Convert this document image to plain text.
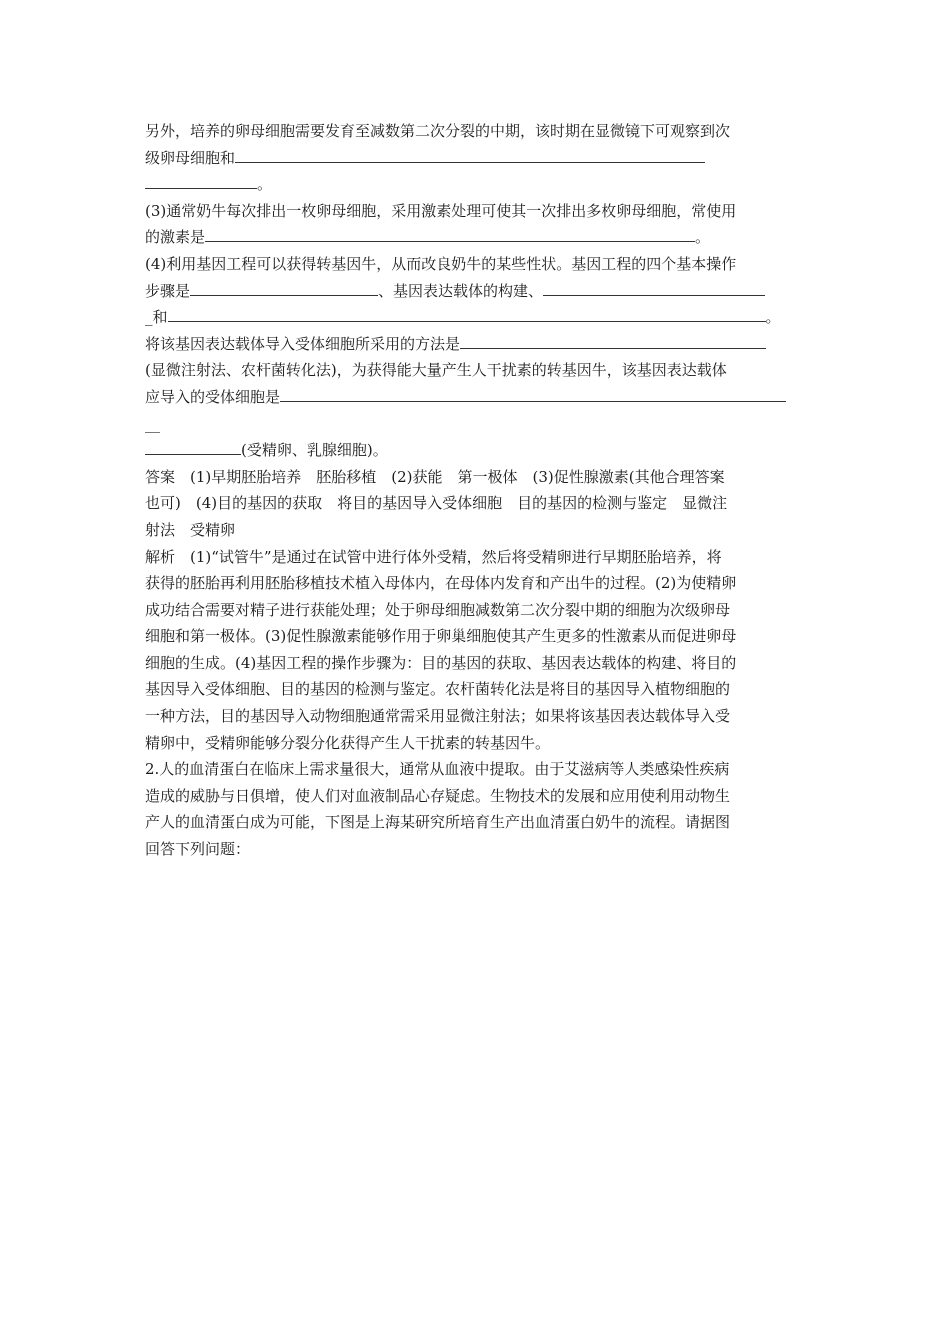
另外，培养的卵母细胞需要发育至减数第二次分裂的中期，该时期在显微镜下可观察到次
级卵母细胞和
。
(3)通常奶牛每次排出一枚卵母细胞，采用激素处理可使其一次排出多枚卵母细胞，常使用
的激素是	。
(4)利用基因工程可以获得转基因牛，从而改良奶牛的某些性状。基因工程的四个基本操作
步骤是	、基因表达载体的构建、
_和	。
将该基因表达载体导入受体细胞所采用的方法是
(显微注射法、农杆菌转化法)，为获得能大量产生人干扰素的转基因牛，该基因表达载体
应导入的受体细胞是
__
(受精卵、乳腺细胞)。
答案　(1)早期胚胎培养　胚胎移植　(2)获能　第一极体　(3)促性腺激素(其他合理答案
也可)　(4)目的基因的获取　将目的基因导入受体细胞　目的基因的检测与鉴定　显微注
射法　受精卵
解析　(1)“试管牛”是通过在试管中进行体外受精，然后将受精卵进行早期胚胎培养，将
获得的胚胎再利用胚胎移植技术植入母体内，在母体内发育和产出牛的过程。(2)为使精卵
成功结合需要对精子进行获能处理；处于卵母细胞减数第二次分裂中期的细胞为次级卵母
细胞和第一极体。(3)促性腺激素能够作用于卵巢细胞使其产生更多的性激素从而促进卵母
细胞的生成。(4)基因工程的操作步骤为：目的基因的获取、基因表达载体的构建、将目的
基因导入受体细胞、目的基因的检测与鉴定。农杆菌转化法是将目的基因导入植物细胞的
一种方法，目的基因导入动物细胞通常需采用显微注射法；如果将该基因表达载体导入受
精卵中，受精卵能够分裂分化获得产生人干扰素的转基因牛。
2.人的血清蛋白在临床上需求量很大，通常从血液中提取。由于艾滋病等人类感染性疾病
造成的威胁与日俱增，使人们对血液制品心存疑虑。生物技术的发展和应用使利用动物生
产人的血清蛋白成为可能，下图是上海某研究所培育生产出血清蛋白奶牛的流程。请据图
回答下列问题：
